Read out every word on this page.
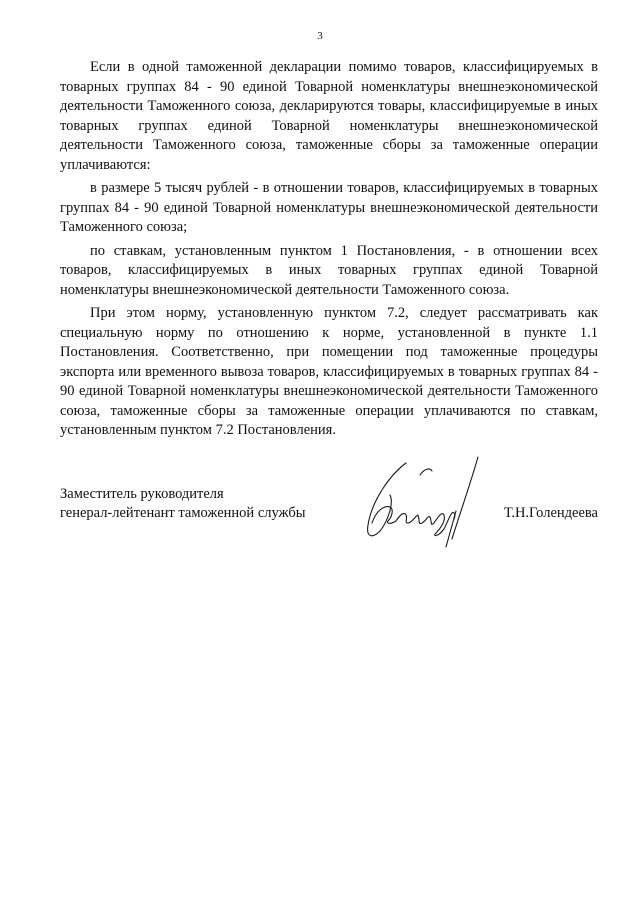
3

Если в одной таможенной декларации помимо товаров, классифицируемых в товарных группах 84 - 90 единой Товарной номенклатуры внешнеэкономической деятельности Таможенного союза, декларируются товары, классифицируемые в иных товарных группах единой Товарной номенклатуры внешнеэкономической деятельности Таможенного союза, таможенные сборы за таможенные операции уплачиваются:

в размере 5 тысяч рублей - в отношении товаров, классифицируемых в товарных группах 84 - 90 единой Товарной номенклатуры внешнеэкономической деятельности Таможенного союза;

по ставкам, установленным пунктом 1 Постановления, - в отношении всех товаров, классифицируемых в иных товарных группах единой Товарной номенклатуры внешнеэкономической деятельности Таможенного союза.

При этом норму, установленную пунктом 7.2, следует рассматривать как специальную норму по отношению к норме, установленной в пункте 1.1 Постановления. Соответственно, при помещении под таможенные процедуры экспорта или временного вывоза товаров, классифицируемых в товарных группах 84 - 90 единой Товарной номенклатуры внешнеэкономической деятельности Таможенного союза, таможенные сборы за таможенные операции уплачиваются по ставкам, установленным пунктом 7.2 Постановления.

Заместитель руководителя
генерал-лейтенант таможенной службы	Т.Н.Голендеева
